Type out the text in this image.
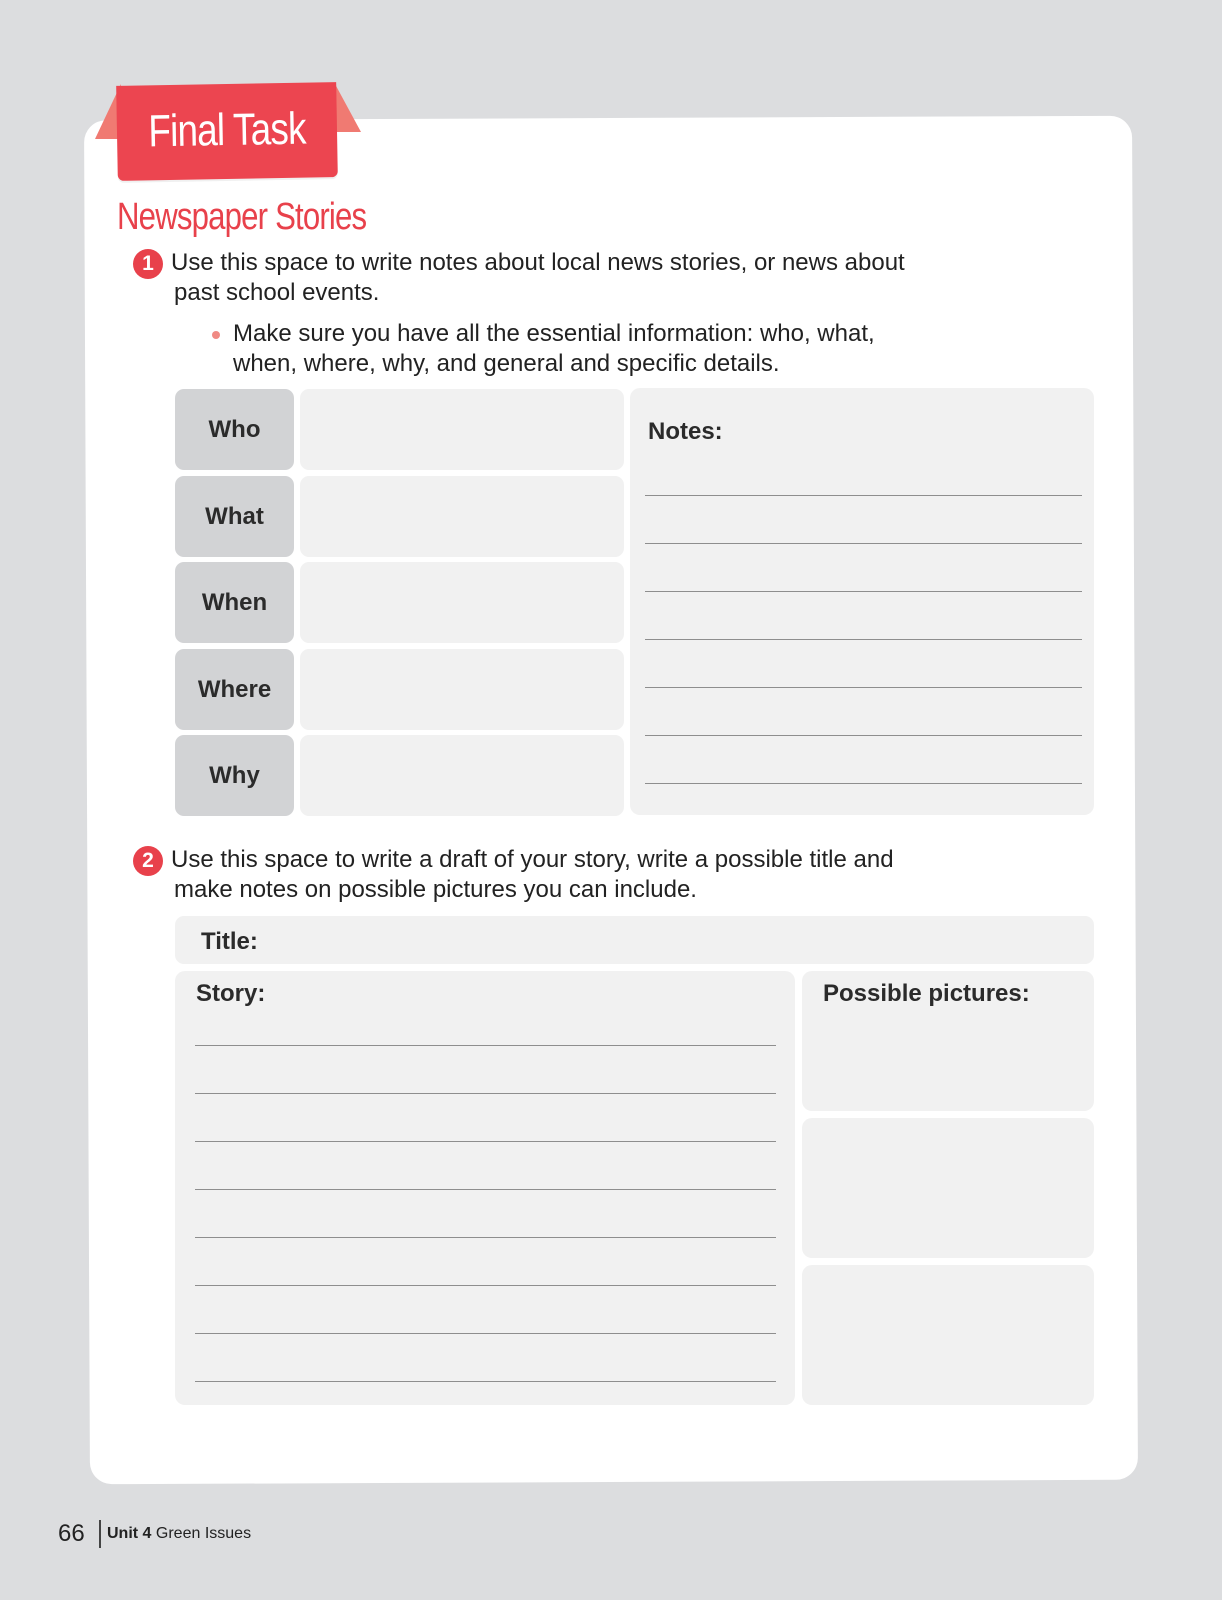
Final Task
Newspaper Stories
1 Use this space to write notes about local news stories, or news about
past school events.
Make sure you have all the essential information: who, what,
when, where, why, and general and specific details.
Who
What
When
Where
Why
Notes:
2 Use this space to write a draft of your story, write a possible title and
make notes on possible pictures you can include.
Title:
Story:	Possible pictures:
66 Unit 4 Green Issues
